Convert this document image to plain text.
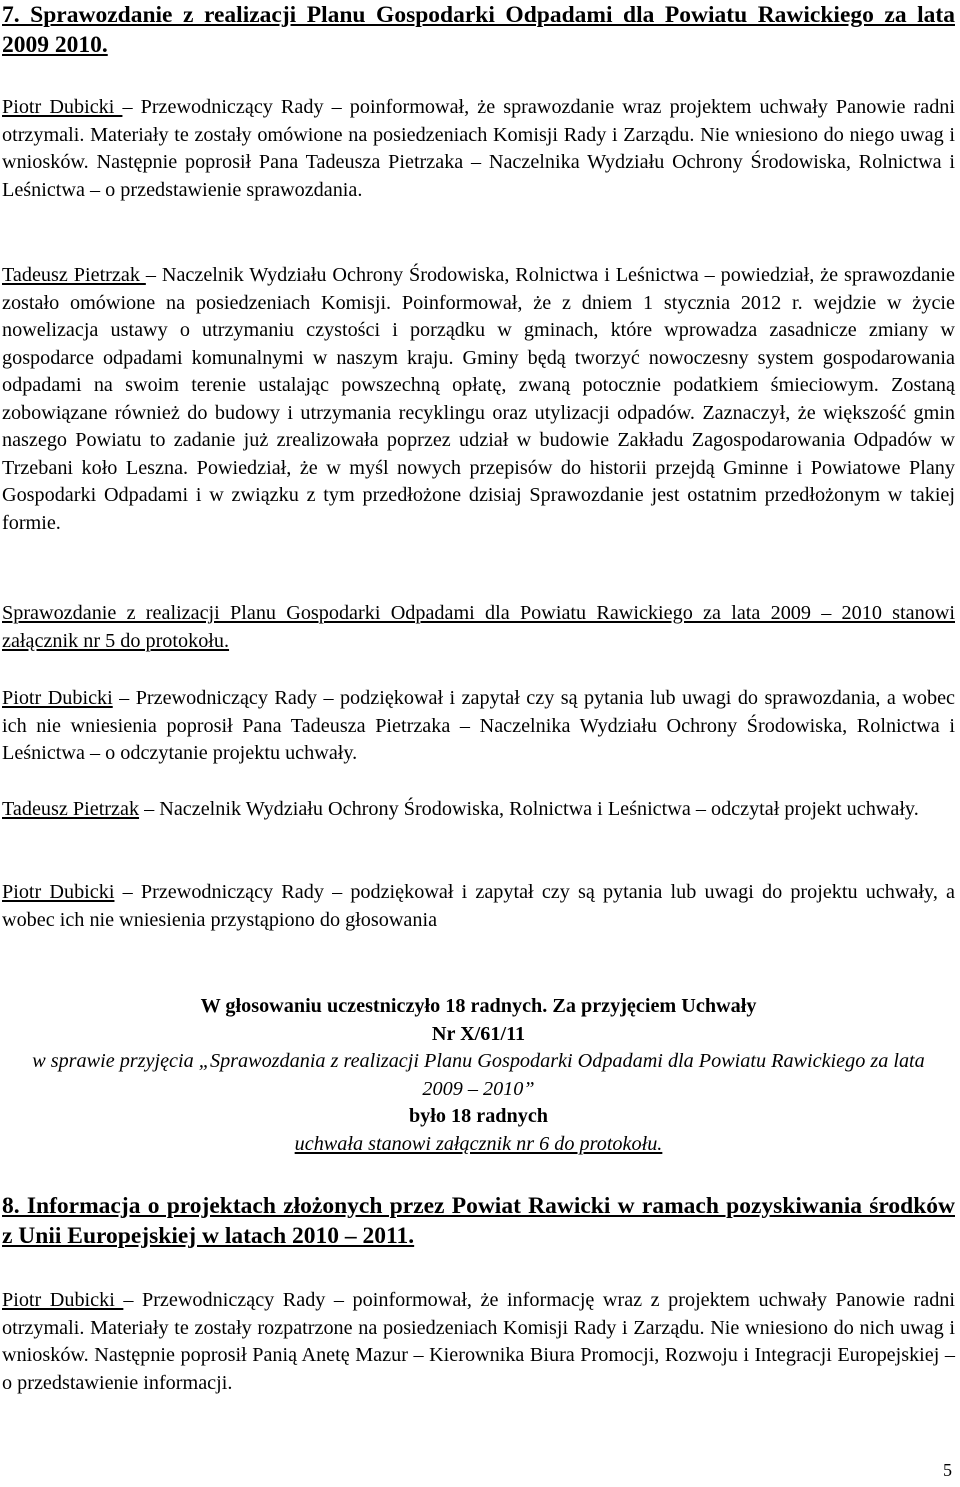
7. Sprawozdanie z realizacji Planu Gospodarki Odpadami dla Powiatu Rawickiego za lata 2009 2010.

Piotr Dubicki – Przewodniczący Rady – poinformował, że sprawozdanie wraz projektem uchwały Panowie radni otrzymali. Materiały te zostały omówione na posiedzeniach Komisji Rady i Zarządu. Nie wniesiono do niego uwag i wniosków. Następnie poprosił Pana Tadeusza Pietrzaka – Naczelnika Wydziału Ochrony Środowiska, Rolnictwa i Leśnictwa – o przedstawienie sprawozdania.

Tadeusz Pietrzak – Naczelnik Wydziału Ochrony Środowiska, Rolnictwa i Leśnictwa – powiedział, że sprawozdanie zostało omówione na posiedzeniach Komisji. Poinformował, że z dniem 1 stycznia 2012 r. wejdzie w życie nowelizacja ustawy o utrzymaniu czystości i porządku w gminach, które wprowadza zasadnicze zmiany w gospodarce odpadami komunalnymi w naszym kraju. Gminy będą tworzyć nowoczesny system gospodarowania odpadami na swoim terenie ustalając powszechną opłatę, zwaną potocznie podatkiem śmieciowym. Zostaną zobowiązane również do budowy i utrzymania recyklingu oraz utylizacji odpadów. Zaznaczył, że większość gmin naszego Powiatu to zadanie już zrealizowała poprzez udział w budowie Zakładu Zagospodarowania Odpadów w Trzebani koło Leszna. Powiedział, że w myśl nowych przepisów do historii przejdą Gminne i Powiatowe Plany Gospodarki Odpadami i w związku z tym przedłożone dzisiaj Sprawozdanie jest ostatnim przedłożonym w takiej formie.

Sprawozdanie z realizacji Planu Gospodarki Odpadami dla Powiatu Rawickiego za lata 2009 – 2010 stanowi załącznik nr 5 do protokołu.

Piotr Dubicki – Przewodniczący Rady – podziękował i zapytał czy są pytania lub uwagi do sprawozdania, a wobec ich nie wniesienia poprosił Pana Tadeusza Pietrzaka – Naczelnika Wydziału Ochrony Środowiska, Rolnictwa i Leśnictwa – o odczytanie projektu uchwały.

Tadeusz Pietrzak – Naczelnik Wydziału Ochrony Środowiska, Rolnictwa i Leśnictwa – odczytał projekt uchwały.

Piotr Dubicki – Przewodniczący Rady – podziękował i zapytał czy są pytania lub uwagi do projektu uchwały, a wobec ich nie wniesienia przystąpiono do głosowania

W głosowaniu uczestniczyło 18 radnych. Za przyjęciem Uchwały
Nr X/61/11
w sprawie przyjęcia „Sprawozdania z realizacji Planu Gospodarki Odpadami dla Powiatu Rawickiego za lata 2009 – 2010”
było 18 radnych
uchwała stanowi załącznik nr 6 do protokołu.

8. Informacja o projektach złożonych przez Powiat Rawicki w ramach pozyskiwania środków z Unii Europejskiej w latach 2010 – 2011.

Piotr Dubicki – Przewodniczący Rady – poinformował, że informację wraz z projektem uchwały Panowie radni otrzymali. Materiały te zostały rozpatrzone na posiedzeniach Komisji Rady i Zarządu. Nie wniesiono do nich uwag i wniosków. Następnie poprosił Panią Anetę Mazur – Kierownika Biura Promocji, Rozwoju i Integracji Europejskiej – o przedstawienie informacji.

5
